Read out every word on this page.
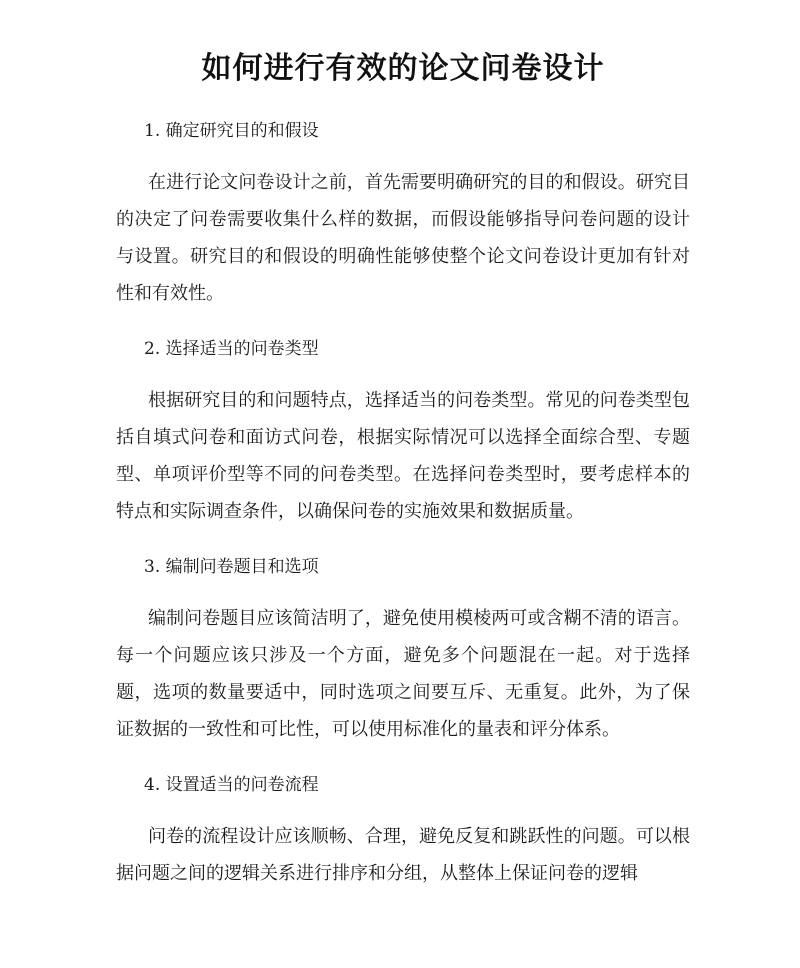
如何进行有效的论文问卷设计
1. 确定研究目的和假设

在进行论文问卷设计之前，首先需要明确研究的目的和假设。研究目的决定了问卷需要收集什么样的数据，而假设能够指导问卷问题的设计与设置。研究目的和假设的明确性能够使整个论文问卷设计更加有针对性和有效性。

2. 选择适当的问卷类型

根据研究目的和问题特点，选择适当的问卷类型。常见的问卷类型包括自填式问卷和面访式问卷，根据实际情况可以选择全面综合型、专题型、单项评价型等不同的问卷类型。在选择问卷类型时，要考虑样本的特点和实际调查条件，以确保问卷的实施效果和数据质量。

3. 编制问卷题目和选项

编制问卷题目应该简洁明了，避免使用模棱两可或含糊不清的语言。每一个问题应该只涉及一个方面，避免多个问题混在一起。对于选择题，选项的数量要适中，同时选项之间要互斥、无重复。此外，为了保证数据的一致性和可比性，可以使用标准化的量表和评分体系。

4. 设置适当的问卷流程

问卷的流程设计应该顺畅、合理，避免反复和跳跃性的问题。可以根据问题之间的逻辑关系进行排序和分组，从整体上保证问卷的逻辑
